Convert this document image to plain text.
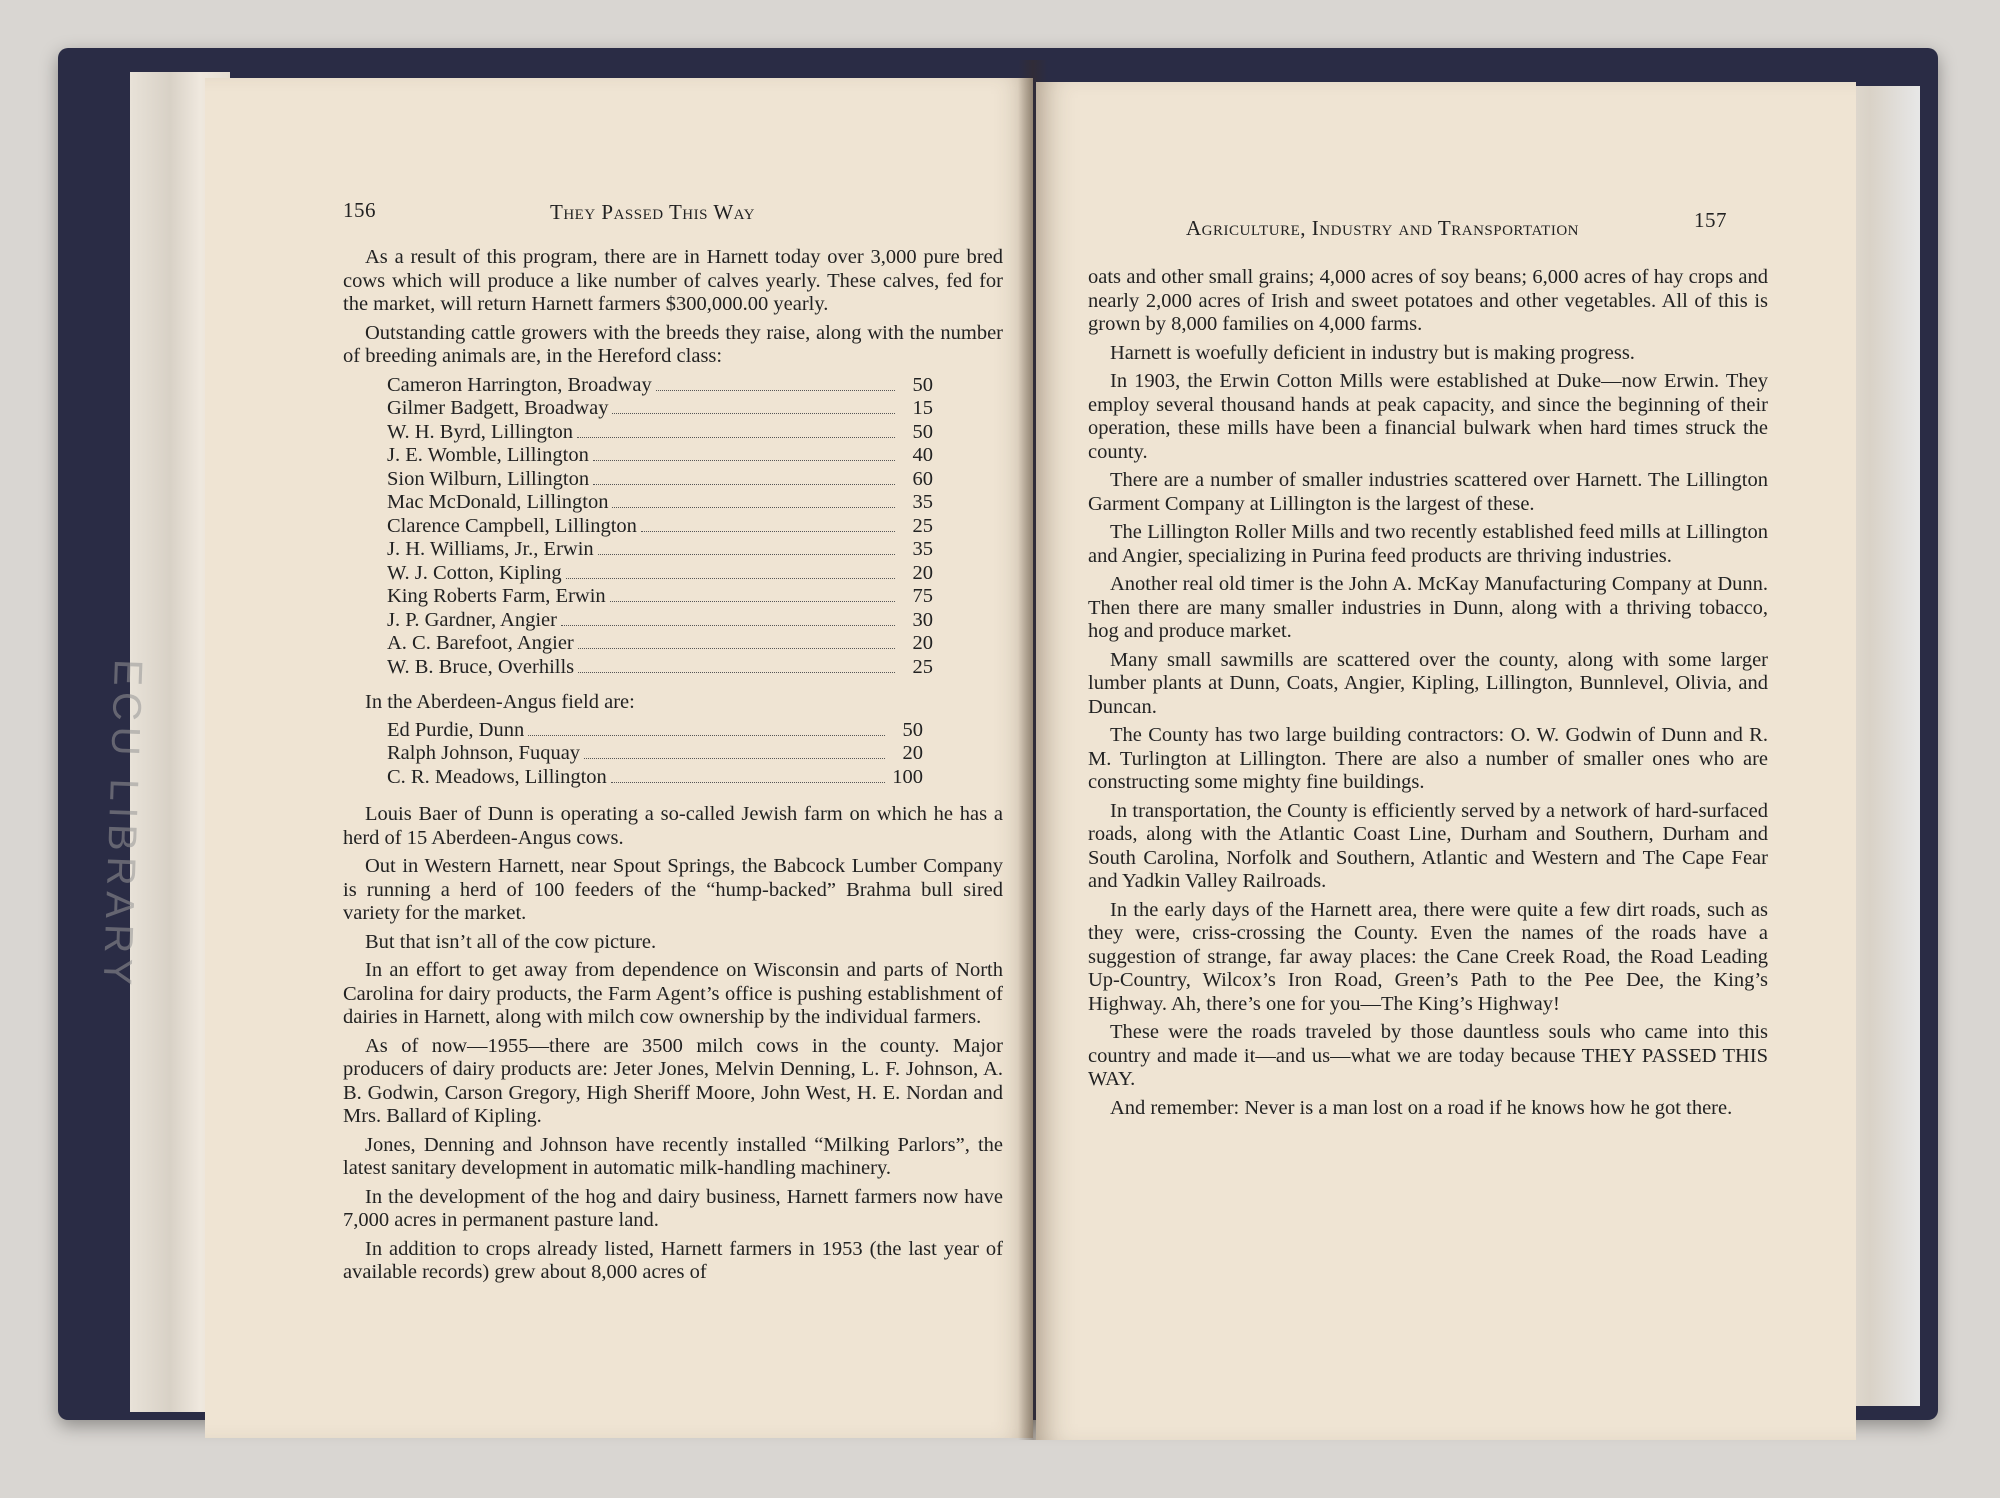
156	They Passed This Way

As a result of this program, there are in Harnett today over 3,000 pure bred cows which will produce a like number of calves yearly. These calves, fed for the market, will return Harnett farmers $300,000.00 yearly.

Outstanding cattle growers with the breeds they raise, along with the number of breeding animals are, in the Hereford class:

Cameron Harrington, Broadway	50
Gilmer Badgett, Broadway	15
W. H. Byrd, Lillington	50
J. E. Womble, Lillington	40
Sion Wilburn, Lillington	60
Mac McDonald, Lillington	35
Clarence Campbell, Lillington	25
J. H. Williams, Jr., Erwin	35
W. J. Cotton, Kipling	20
King Roberts Farm, Erwin	75
J. P. Gardner, Angier	30
A. C. Barefoot, Angier	20
W. B. Bruce, Overhills	25
In the Aberdeen-Angus field are:
Ed Purdie, Dunn	50
Ralph Johnson, Fuquay	20
C. R. Meadows, Lillington	100

Louis Baer of Dunn is operating a so-called Jewish farm on which he has a herd of 15 Aberdeen-Angus cows.

Out in Western Harnett, near Spout Springs, the Babcock Lumber Company is running a herd of 100 feeders of the “hump-backed” Brahma bull sired variety for the market.

But that isn’t all of the cow picture.

In an effort to get away from dependence on Wisconsin and parts of North Carolina for dairy products, the Farm Agent’s office is pushing establishment of dairies in Harnett, along with milch cow ownership by the individual farmers.

As of now—1955—there are 3500 milch cows in the county. Major producers of dairy products are: Jeter Jones, Melvin Denning, L. F. Johnson, A. B. Godwin, Carson Gregory, High Sheriff Moore, John West, H. E. Nordan and Mrs. Ballard of Kipling.

Jones, Denning and Johnson have recently installed “Milking Parlors”, the latest sanitary development in automatic milk-handling machinery.

In the development of the hog and dairy business, Harnett farmers now have 7,000 acres in permanent pasture land.

In addition to crops already listed, Harnett farmers in 1953 (the last year of available records) grew about 8,000 acres of

ECU LIBRARY
Agriculture, Industry and Transportation	157

oats and other small grains; 4,000 acres of soy beans; 6,000 acres of hay crops and nearly 2,000 acres of Irish and sweet potatoes and other vegetables. All of this is grown by 8,000 families on 4,000 farms.

Harnett is woefully deficient in industry but is making progress.

In 1903, the Erwin Cotton Mills were established at Duke—now Erwin. They employ several thousand hands at peak capacity, and since the beginning of their operation, these mills have been a financial bulwark when hard times struck the county.

There are a number of smaller industries scattered over Harnett. The Lillington Garment Company at Lillington is the largest of these.

The Lillington Roller Mills and two recently established feed mills at Lillington and Angier, specializing in Purina feed products are thriving industries.

Another real old timer is the John A. McKay Manufacturing Company at Dunn. Then there are many smaller industries in Dunn, along with a thriving tobacco, hog and produce market.

Many small sawmills are scattered over the county, along with some larger lumber plants at Dunn, Coats, Angier, Kipling, Lillington, Bunnlevel, Olivia, and Duncan.

The County has two large building contractors: O. W. Godwin of Dunn and R. M. Turlington at Lillington. There are also a number of smaller ones who are constructing some mighty fine buildings.

In transportation, the County is efficiently served by a network of hard-surfaced roads, along with the Atlantic Coast Line, Durham and Southern, Durham and South Carolina, Norfolk and Southern, Atlantic and Western and The Cape Fear and Yadkin Valley Railroads.

In the early days of the Harnett area, there were quite a few dirt roads, such as they were, criss-crossing the County. Even the names of the roads have a suggestion of strange, far away places: the Cane Creek Road, the Road Leading Up-Country, Wilcox’s Iron Road, Green’s Path to the Pee Dee, the King’s Highway. Ah, there’s one for you—The King’s Highway!

These were the roads traveled by those dauntless souls who came into this country and made it—and us—what we are today because THEY PASSED THIS WAY.

And remember: Never is a man lost on a road if he knows how he got there.
